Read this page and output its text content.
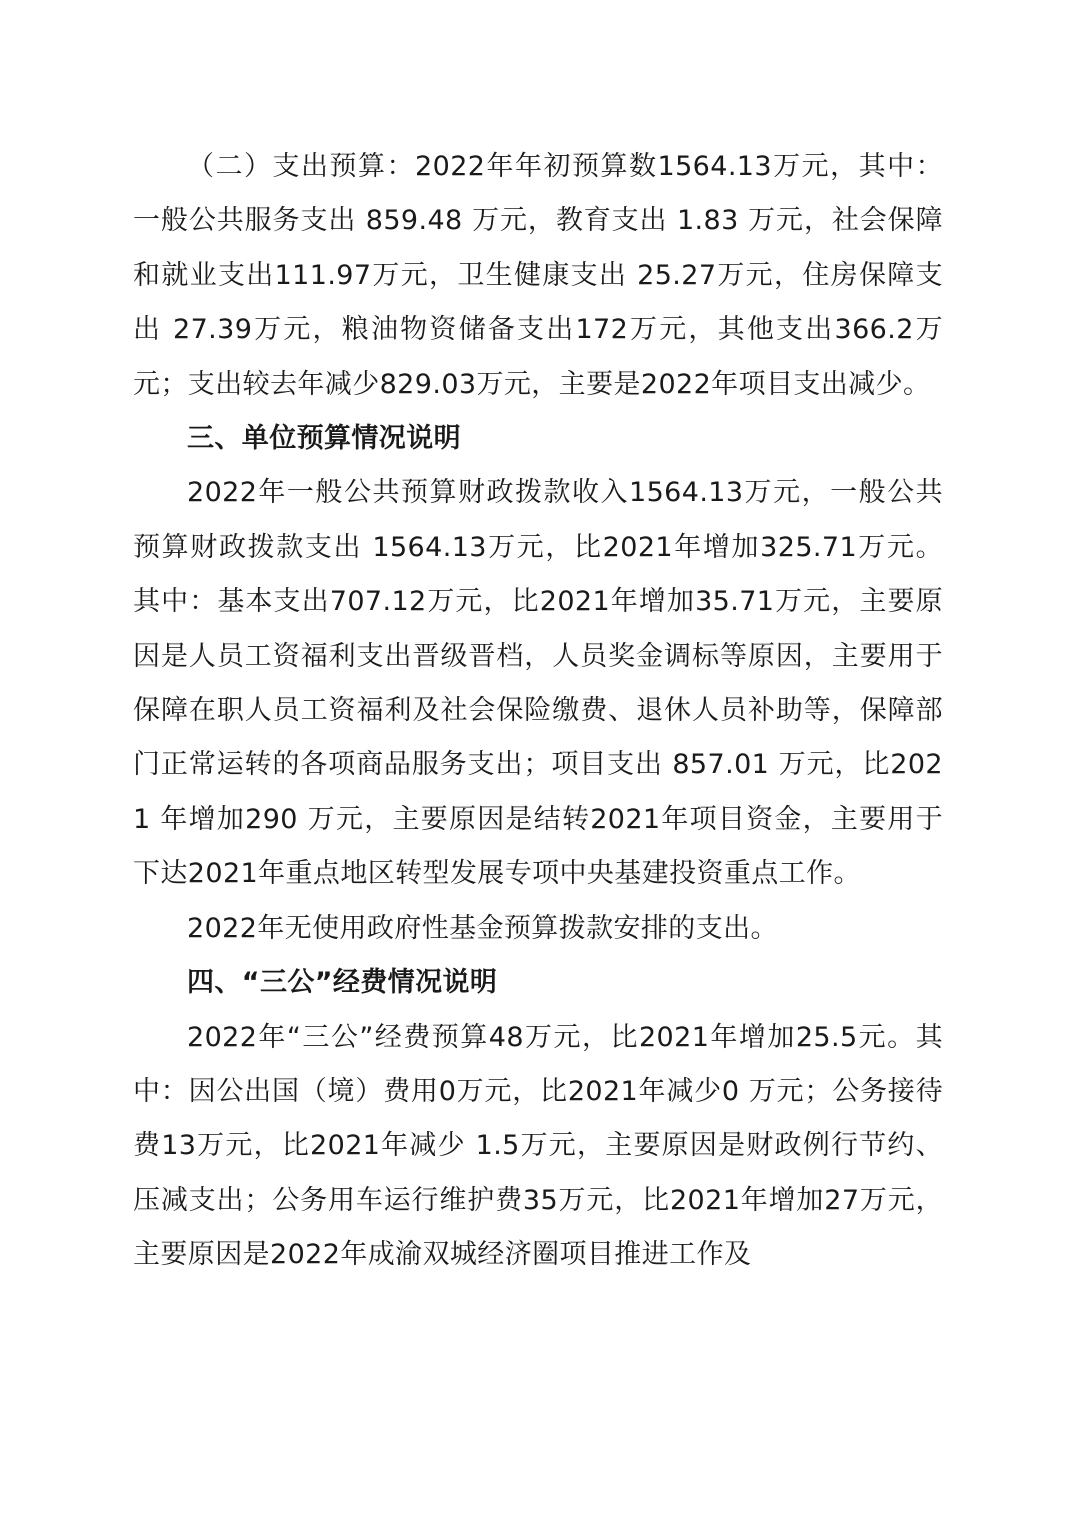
（二）支出预算：2022年年初预算数1564.13万元，其中：一般公共服务支出 859.48 万元，教育支出 1.83 万元，社会保障和就业支出111.97万元，卫生健康支出 25.27万元，住房保障支出 27.39万元，粮油物资储备支出172万元，其他支出366.2万元；支出较去年减少829.03万元，主要是2022年项目支出减少。

三、单位预算情况说明

2022年一般公共预算财政拨款收入1564.13万元，一般公共预算财政拨款支出 1564.13万元，比2021年增加325.71万元。其中：基本支出707.12万元，比2021年增加35.71万元，主要原因是人员工资福利支出晋级晋档，人员奖金调标等原因，主要用于保障在职人员工资福利及社会保险缴费、退休人员补助等，保障部门正常运转的各项商品服务支出；项目支出 857.01 万元，比2021 年增加290 万元，主要原因是结转2021年项目资金，主要用于下达2021年重点地区转型发展专项中央基建投资重点工作。

2022年无使用政府性基金预算拨款安排的支出。

四、“三公”经费情况说明

2022年“三公”经费预算48万元，比2021年增加25.5元。其中：因公出国（境）费用0万元，比2021年减少0 万元；公务接待费13万元，比2021年减少 1.5万元，主要原因是财政例行节约、压减支出；公务用车运行维护费35万元，比2021年增加27万元，主要原因是2022年成渝双城经济圈项目推进工作及
